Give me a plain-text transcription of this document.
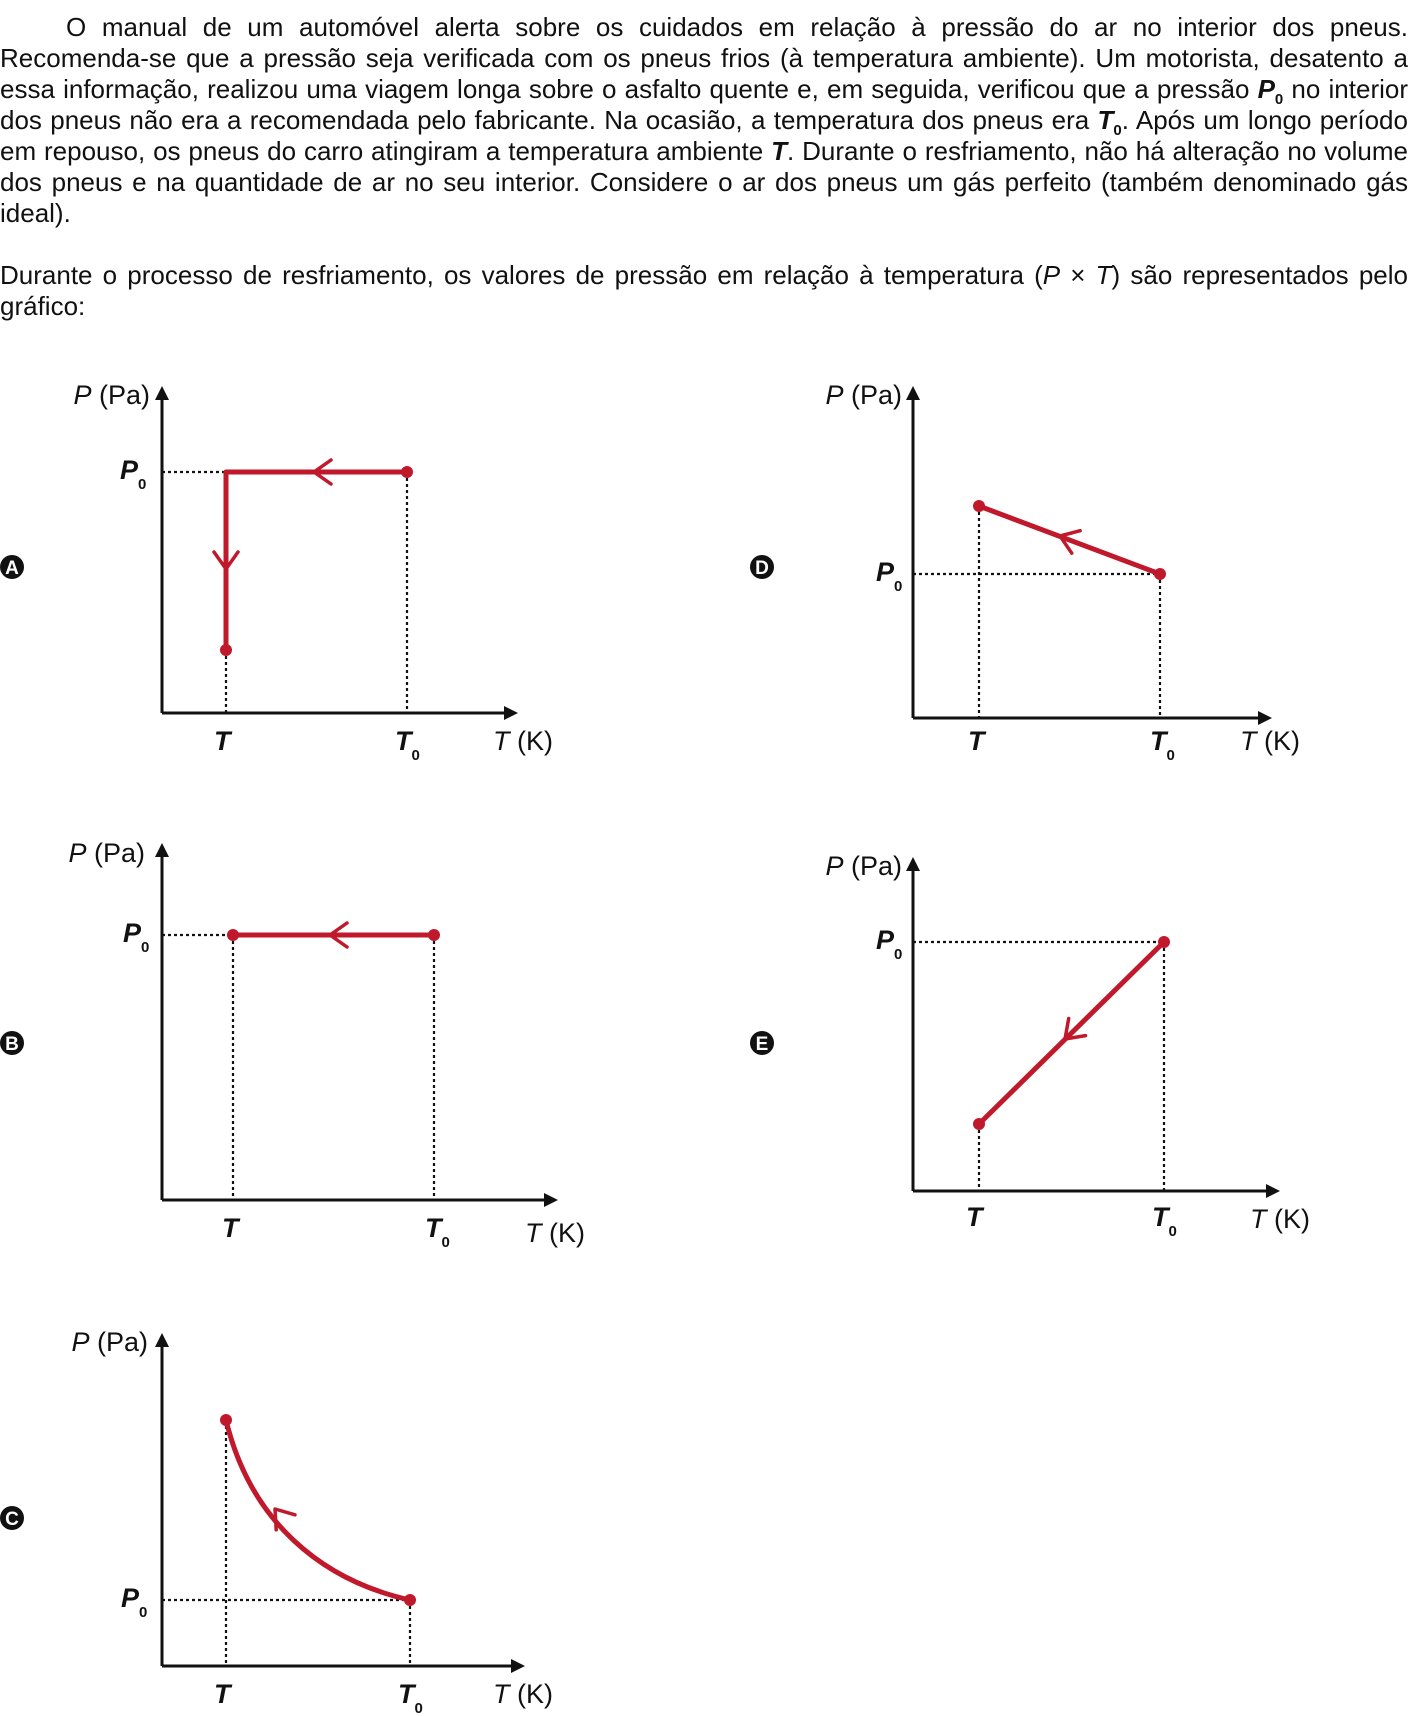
O manual de um automóvel alerta sobre os cuidados em relação à pressão do ar no interior dos pneus. Recomenda-se que a pressão seja verificada com os pneus frios (à temperatura ambiente). Um motorista, desatento a essa informação, realizou uma viagem longa sobre o asfalto quente e, em seguida, verificou que a pressão $P_0$ no interior dos pneus não era a recomendada pelo fabricante. Na ocasião, a temperatura dos pneus era $T_0$. Após um longo período em repouso, os pneus do carro atingiram a temperatura ambiente T. Durante o resfriamento, não há alteração no volume dos pneus e na quantidade de ar no seu interior. Considere o ar dos pneus um gás perfeito (também denominado gás ideal).

Durante o processo de resfriamento, os valores de pressão em relação à temperatura (P × T) são representados pelo gráfico:

A
P (Pa)
T (K)
$P_0$
T	$T_0$
B
P (Pa)
T (K)
$P_0$
T	$T_0$
C
P (Pa)
T (K)
$P_0$
T	$T_0$
D
P (Pa)
T (K)
$P_0$
T	$T_0$
E
P (Pa)
T (K)
$P_0$
T	$T_0$
